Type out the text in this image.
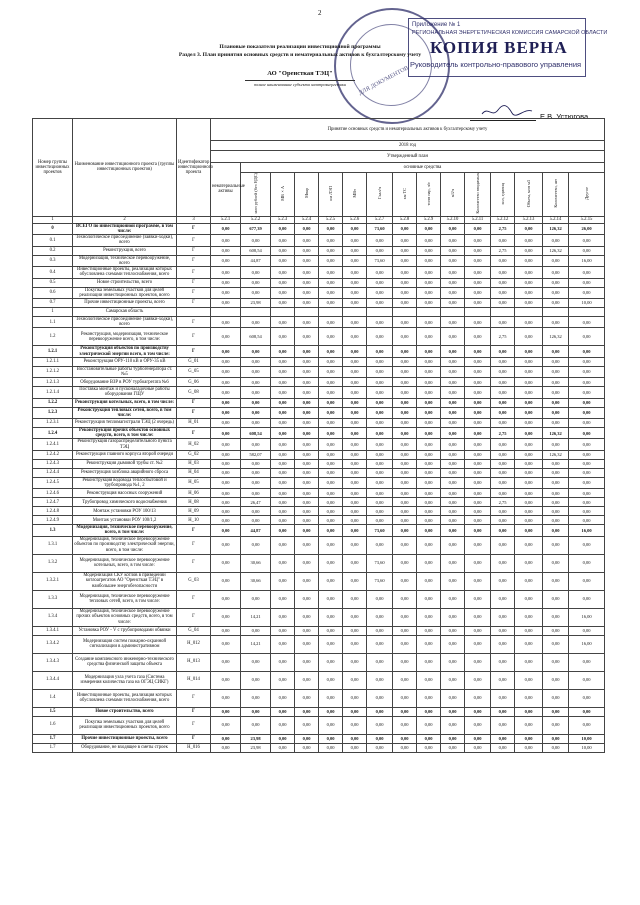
2
ДЛЯ ДОКУМЕНТОВ
Приложение № 1
РЕГИОНАЛЬНАЯ ЭНЕРГЕТИЧЕСКАЯ КОМИССИЯ САМАРСКОЙ ОБЛАСТИ
КОПИЯ ВЕРНА
Руководитель контрольно-правового управления
Е.В. Устюгова
Плановые показатели реализации инвестиционной программы
Раздел 3. План принятия основных средств и нематериальных активов к бухгалтерскому учету
АО "Оренсткая ТЭЦ"
полное наименование субъекта электроэнергетики
Номер группы инвестиционных проектов	Наименование инвестиционного проекта (группы инвестиционных проектов)	Идентификатор инвестиционного проекта	Принятие основных средств и нематериальных активов к бухгалтерскому учету															
			2018 год															
			Утвержденный план															
			нематериальные активы	основные средства														
				млн рублей (без НДС)	МВ×А	Мвар	км ЛЭП	МВт	Гкал/ч	км ТС	тонн пар, ч/с	м3/ч	Количество вводимых	кол, единиц	Объем, млн м3	Количество, шт	Другое	
1	2	3	5.2.1	5.2.2	5.2.3	5.2.4	5.2.5	5.2.6	5.2.7	5.2.8	5.2.9	5.2.10	5.2.11	5.2.12	5.2.13	5.2.14	5.2.15	
0	ВСЕГО по инвестиционной программе, в том числе:	Г	0,00	677,39	0,00	0,00	0,00	0,00	73,60	0,00	0,00	0,00	0,00	2,75	0,00	126,32	26,00	
0.1	Технологическое присоединение (заявки-ходки), всего	Г	0,00	0,00	0,00	0,00	0,00	0,00	0,00	0,00	0,00	0,00	0,00	0,00	0,00	0,00	0,00	
0.2	Реконструкция, всего	Г	0,00	608,54	0,00	0,00	0,00	0,00	0,00	0,00	0,00	0,00	0,00	2,75	0,00	126,32	0,00	
0.3	Модернизация, техническое перевооружение, всего	Г	0,00	44,87	0,00	0,00	0,00	0,00	73,60	0,00	0,00	0,00	0,00	0,00	0,00	0,00	16,00	
0.4	Инвестиционные проекты, реализация которых обусловлена схемами теплоснабжения, всего	Г	0,00	0,00	0,00	0,00	0,00	0,00	0,00	0,00	0,00	0,00	0,00	0,00	0,00	0,00	0,00	
0.5	Новое строительство, всего	Г	0,00	0,00	0,00	0,00	0,00	0,00	0,00	0,00	0,00	0,00	0,00	0,00	0,00	0,00	0,00	
0.6	Покупка земельных участков для целей реализации инвестиционных проектов, всего	Г	0,00	0,00	0,00	0,00	0,00	0,00	0,00	0,00	0,00	0,00	0,00	0,00	0,00	0,00	0,00	
0.7	Прочие инвестиционные проекты, всего	Г	0,00	23,98	0,00	0,00	0,00	0,00	0,00	0,00	0,00	0,00	0,00	0,00	0,00	0,00	10,00	
1	Самарская область																	
1.1	Технологическое присоединение (заявки-ходки), всего	Г	0,00	0,00	0,00	0,00	0,00	0,00	0,00	0,00	0,00	0,00	0,00	0,00	0,00	0,00	0,00	
1.2	Реконструкция, модернизация, техническое перевооружение всего, в том числе:	Г	0,00	608,54	0,00	0,00	0,00	0,00	0,00	0,00	0,00	0,00	0,00	2,75	0,00	126,32	0,00	
1.2.1	Реконструкция объектов по производству электрической энергии всего, в том числе:	Г	0,00	0,00	0,00	0,00	0,00	0,00	0,00	0,00	0,00	0,00	0,00	0,00	0,00	0,00	0,00	
1.2.1.1	Реконструкция ОРУ-110 кВ и ОРУ-35 кВ	G_01	0,00	0,00	0,00	0,00	0,00	0,00	0,00	0,00	0,00	0,00	0,00	0,00	0,00	0,00	0,00	
1.2.1.2	Восстановительные работы турбогенератора ст. №5	G_05	0,00	0,00	0,00	0,00	0,00	0,00	0,00	0,00	0,00	0,00	0,00	0,00	0,00	0,00	0,00	
1.2.1.3	Оборудование ВЗР в РОУ турбоагрегата №6	G_06	0,00	0,00	0,00	0,00	0,00	0,00	0,00	0,00	0,00	0,00	0,00	0,00	0,00	0,00	0,00	
1.2.1.4	Поставка монтаж и пусконаладочные работы оборудования ГЩУ	G_08	0,00	0,00	0,00	0,00	0,00	0,00	0,00	0,00	0,00	0,00	0,00	0,00	0,00	0,00	0,00	
1.2.2	Реконструкция котельных, всего, в том числе:	Г	0,00	0,00	0,00	0,00	0,00	0,00	0,00	0,00	0,00	0,00	0,00	0,00	0,00	0,00	0,00	
1.2.3	Реконструкция тепловых сетей, всего, в том числе:	Г	0,00	0,00	0,00	0,00	0,00	0,00	0,00	0,00	0,00	0,00	0,00	0,00	0,00	0,00	0,00	
1.2.3.1	Реконструкция тепломагистрали ТЭЦ (2 очередь)	H_01	0,00	0,00	0,00	0,00	0,00	0,00	0,00	0,00	0,00	0,00	0,00	0,00	0,00	0,00	0,00	
1.2.4	Реконструкция прочих объектов основных средств, всего, в том числе:	Г	0,00	608,54	0,00	0,00	0,00	0,00	0,00	0,00	0,00	0,00	0,00	2,75	0,00	126,32	0,00	
1.2.4.1	Реконструкция газораспределительного пункта ТЭЦ	H_02	0,00	0,00	0,00	0,00	0,00	0,00	0,00	0,00	0,00	0,00	0,00	0,00	0,00	0,00	0,00	
1.2.4.2	Реконструкция главного корпуса второй очереди	G_02	0,00	582,07	0,00	0,00	0,00	0,00	0,00	0,00	0,00	0,00	0,00	0,00	0,00	126,32	0,00	
1.2.4.3	Реконструкция дымовой трубы ст. №2	H_03	0,00	0,00	0,00	0,00	0,00	0,00	0,00	0,00	0,00	0,00	0,00	0,00	0,00	0,00	0,00	
1.2.4.4	Реконструкция хозблока аварийного сброса	H_04	0,00	0,00	0,00	0,00	0,00	0,00	0,00	0,00	0,00	0,00	0,00	0,00	0,00	0,00	0,00	
1.2.4.5	Реконструкция водовода теплосбытовой и трубопровода №1, 2	H_05	0,00	0,00	0,00	0,00	0,00	0,00	0,00	0,00	0,00	0,00	0,00	0,00	0,00	0,00	0,00	
1.2.4.6	Реконструкция насосных сооружений	H_06	0,00	0,00	0,00	0,00	0,00	0,00	0,00	0,00	0,00	0,00	0,00	0,00	0,00	0,00	0,00	
1.2.4.7	Трубопровод химического водоснабжения	H_08	0,00	26,47	0,00	0,00	0,00	0,00	0,00	0,00	0,00	0,00	0,00	2,75	0,00	0,00	0,00	
1.2.4.8	Монтаж установки РОУ 100/13	H_09	0,00	0,00	0,00	0,00	0,00	0,00	0,00	0,00	0,00	0,00	0,00	0,00	0,00	0,00	0,00	
1.2.4.9	Монтаж установки РОУ 100/1,2	H_10	0,00	0,00	0,00	0,00	0,00	0,00	0,00	0,00	0,00	0,00	0,00	0,00	0,00	0,00	0,00	
1.3	Модернизация, техническое перевооружение, всего, в том числе:	Г	0,00	44,87	0,00	0,00	0,00	0,00	73,60	0,00	0,00	0,00	0,00	0,00	0,00	0,00	16,00	
1.3.1	Модернизация, техническое перевооружение объектов по производству электрической энергии, всего, в том числе:	Г	0,00	0,00	0,00	0,00	0,00	0,00	0,00	0,00	0,00	0,00	0,00	0,00	0,00	0,00	0,00	
1.3.2	Модернизация, техническое перевооружение котельных, всего, в том числе:	Г	0,00	30,66	0,00	0,00	0,00	0,00	73,60	0,00	0,00	0,00	0,00	0,00	0,00	0,00	0,00	
1.3.2.1	Модернизация СКУ котлов в приведении котлоагрегатов АО "Оренсткая ТЭЦ" в наибольшее энергобезопасности	G_03	0,00	30,66	0,00	0,00	0,00	0,00	73,60	0,00	0,00	0,00	0,00	0,00	0,00	0,00	0,00	
1.3.3	Модернизация, техническое перевооружение тепловых сетей, всего, в том числе:	Г	0,00	0,00	0,00	0,00	0,00	0,00	0,00	0,00	0,00	0,00	0,00	0,00	0,00	0,00	0,00	
1.3.4	Модернизация, техническое перевооружение прочих объектов основных средств, всего, в том числе:	Г	0,00	14,21	0,00	0,00	0,00	0,00	0,00	0,00	0,00	0,00	0,00	0,00	0,00	0,00	16,00	
1.3.4.1	Установка РОУ - V с трубопроводами обвязки	G_04	0,00	0,00	0,00	0,00	0,00	0,00	0,00	0,00	0,00	0,00	0,00	0,00	0,00	0,00	0,00	
1.3.4.2	Модернизация систем пожарно-охранной сигнализации в административном	H_012	0,00	14,21	0,00	0,00	0,00	0,00	0,00	0,00	0,00	0,00	0,00	0,00	0,00	0,00	16,00	
1.3.4.3	Создание комплексного инженерно-технического средства физической защиты объекта	H_013	0,00	0,00	0,00	0,00	0,00	0,00	0,00	0,00	0,00	0,00	0,00	0,00	0,00	0,00	0,00	
1.3.4.4	Модернизация узла учета газа (Система измерения количества газа на ОГЭЦ СИКГ)	H_014	0,00	0,00	0,00	0,00	0,00	0,00	0,00	0,00	0,00	0,00	0,00	0,00	0,00	0,00	0,00	
1.4	Инвестиционные проекты, реализация которых обусловлена схемами теплоснабжения, всего	Г	0,00	0,00	0,00	0,00	0,00	0,00	0,00	0,00	0,00	0,00	0,00	0,00	0,00	0,00	0,00	
1.5	Новое строительство, всего	Г	0,00	0,00	0,00	0,00	0,00	0,00	0,00	0,00	0,00	0,00	0,00	0,00	0,00	0,00	0,00	
1.6	Покупка земельных участков для целей реализации инвестиционных проектов, всего	Г	0,00	0,00	0,00	0,00	0,00	0,00	0,00	0,00	0,00	0,00	0,00	0,00	0,00	0,00	0,00	
1.7	Прочие инвестиционные проекты, всего	Г	0,00	23,98	0,00	0,00	0,00	0,00	0,00	0,00	0,00	0,00	0,00	0,00	0,00	0,00	10,00	
1.7	Оборудование, не входящее в сметы строек	H_016	0,00	23,98	0,00	0,00	0,00	0,00	0,00	0,00	0,00	0,00	0,00	0,00	0,00	0,00	10,00	
